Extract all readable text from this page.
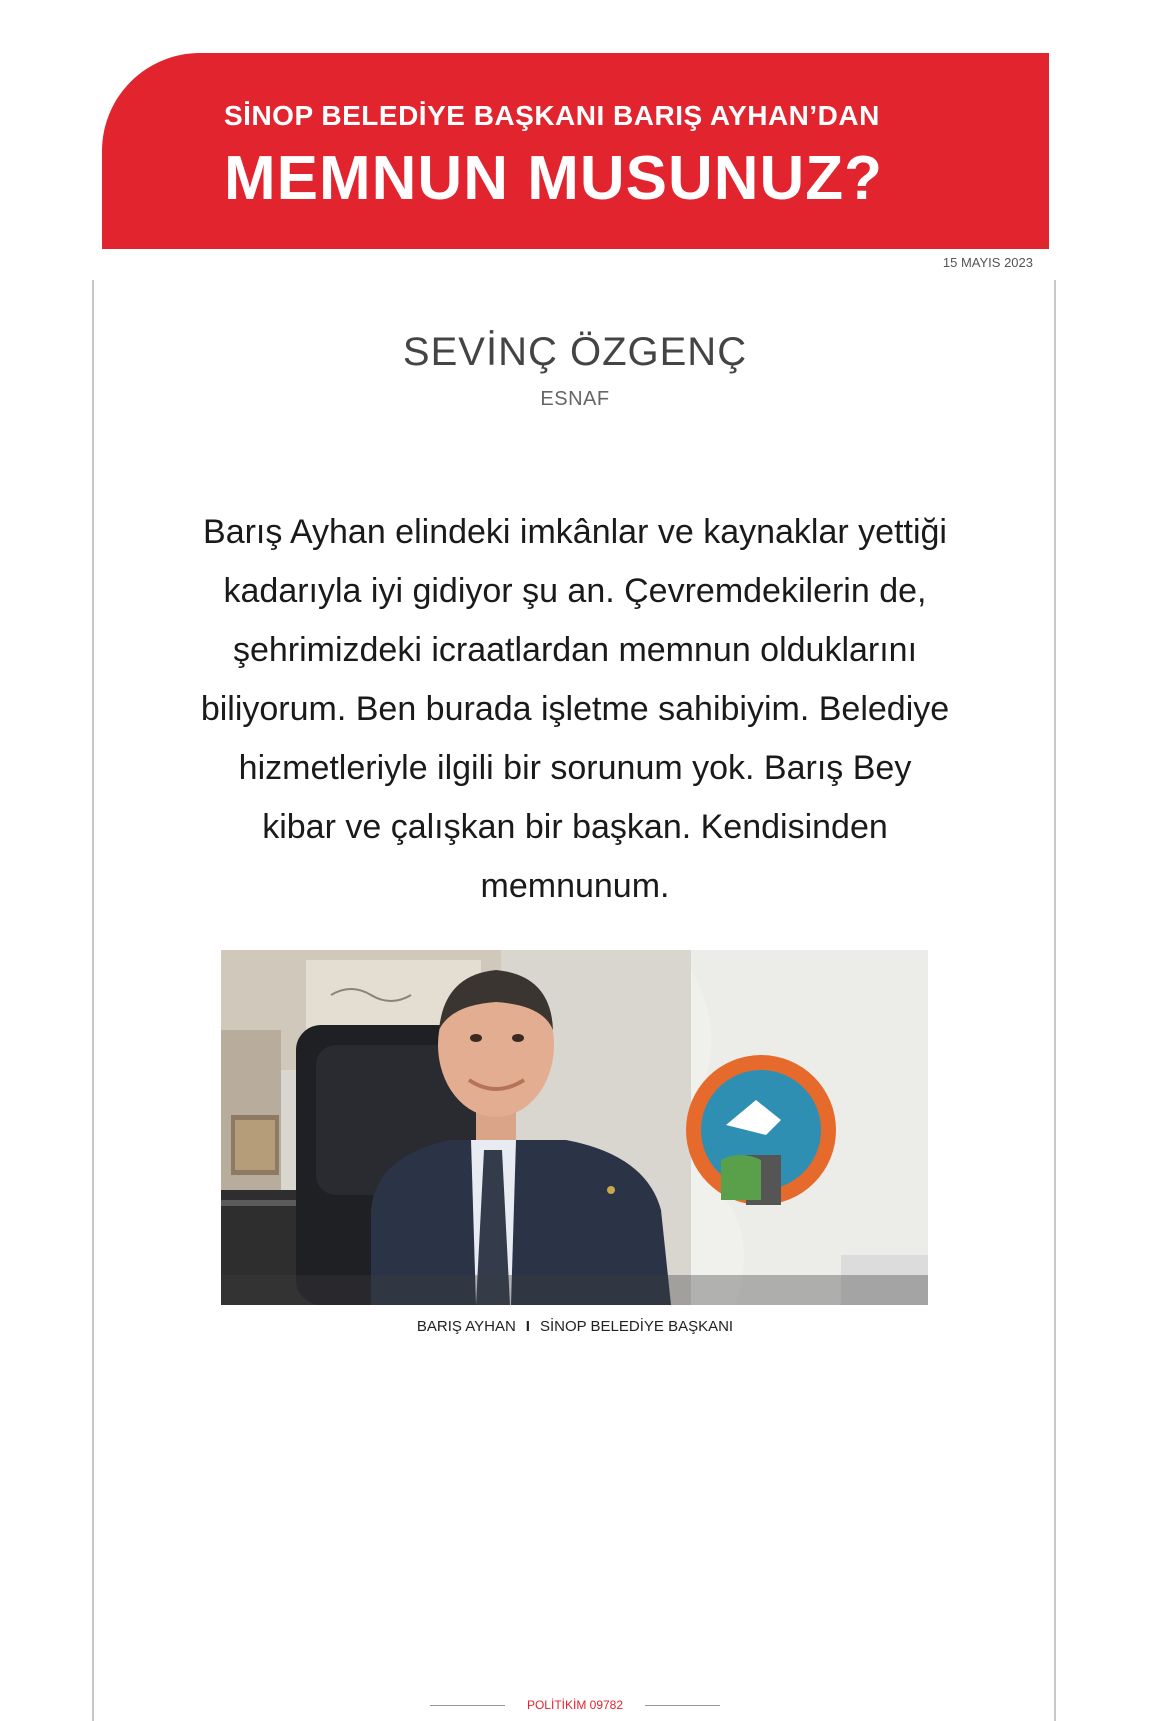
SİNOP BELEDİYE BAŞKANI BARIŞ AYHAN’DAN

MEMNUN MUSUNUZ?

15 MAYIS 2023
SEVİNÇ ÖZGENÇ
ESNAF

Barış Ayhan elindeki imkânlar ve kaynaklar yettiği kadarıyla iyi gidiyor şu an. Çevremdekilerin de, şehrimizdeki icraatlardan memnun olduklarını biliyorum. Ben burada işletme sahibiyim. Belediye hizmetleriyle ilgili bir sorunum yok. Barış Bey kibar ve çalışkan bir başkan. Kendisinden memnunum.

BARIŞ AYHAN I SİNOP BELEDİYE BAŞKANI
POLİTİKİM 09782
